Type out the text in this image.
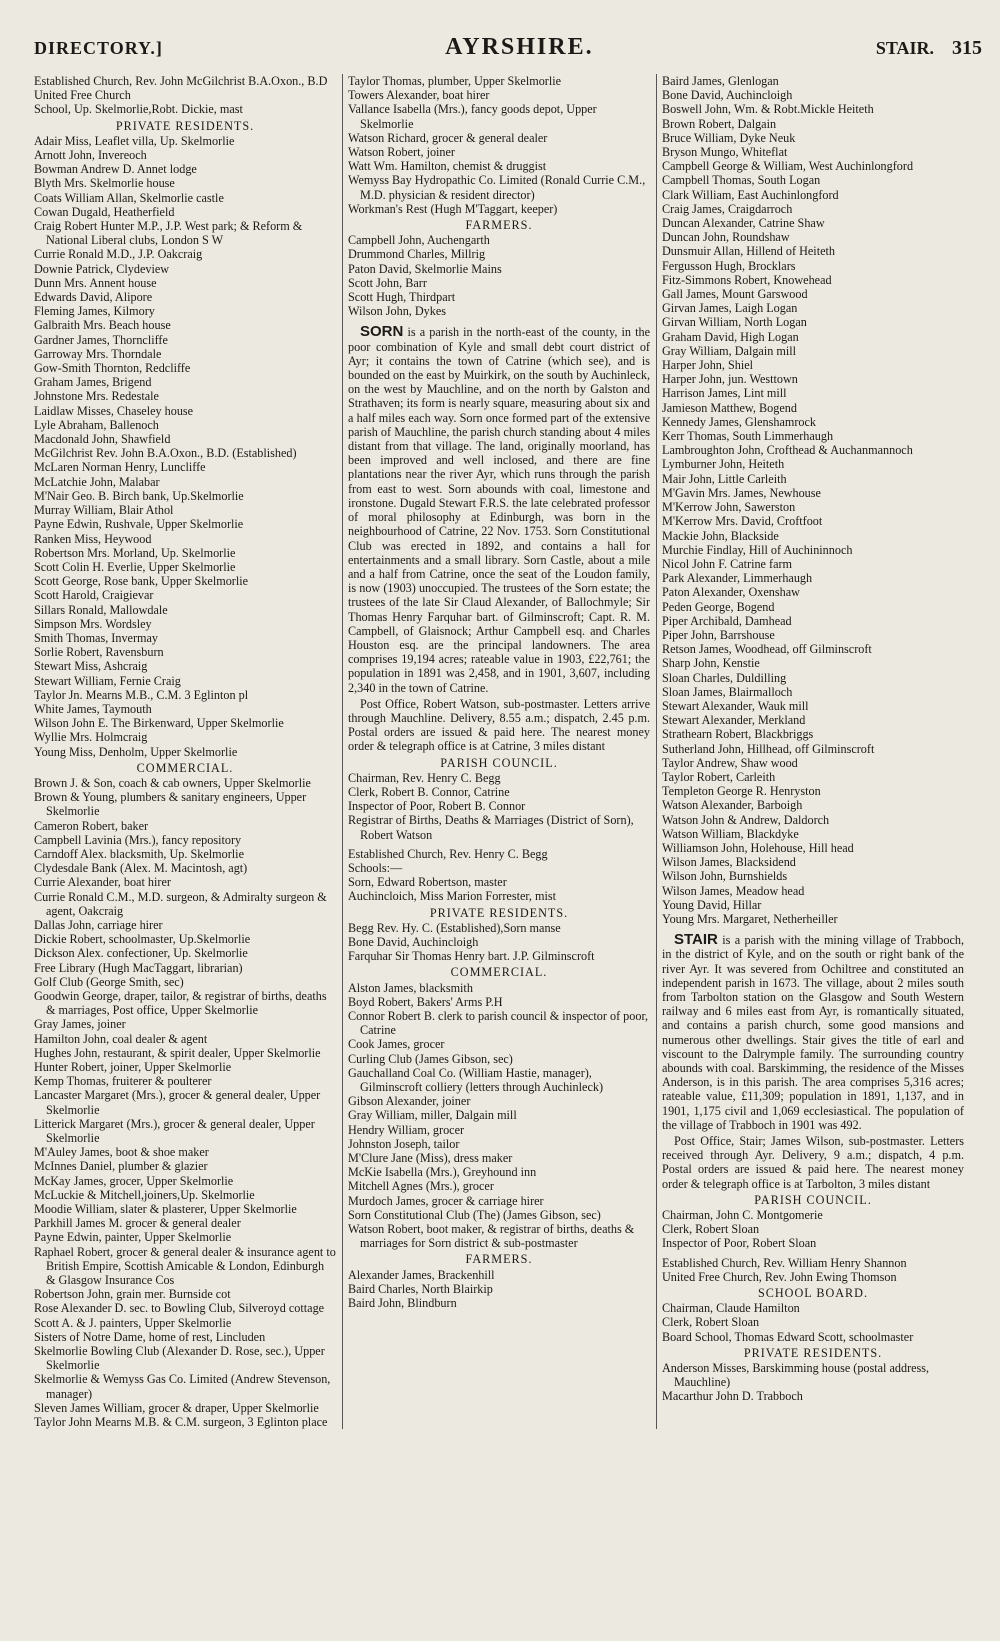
DIRECTORY.]	AYRSHIRE.	STAIR. 315
Established Church, Rev. John McGilchrist B.A.Oxon., B.D
United Free Church
School, Up. Skelmorlie,Robt. Dickie, mast
PRIVATE RESIDENTS.
Adair Miss, Leaflet villa, Up. Skelmorlie
Arnott John, Invereoch
Bowman Andrew D. Annet lodge
Blyth Mrs. Skelmorlie house
Coats William Allan, Skelmorlie castle
Cowan Dugald, Heatherfield
Craig Robert Hunter M.P., J.P. West park; & Reform & National Liberal clubs, London S W
Currie Ronald M.D., J.P. Oakcraig
Downie Patrick, Clydeview
Dunn Mrs. Annent house
Edwards David, Alipore
Fleming James, Kilmory
Galbraith Mrs. Beach house
Gardner James, Thorncliffe
Garroway Mrs. Thorndale
Gow-Smith Thornton, Redcliffe
Graham James, Brigend
Johnstone Mrs. Redestale
Laidlaw Misses, Chaseley house
Lyle Abraham, Ballenoch
Macdonald John, Shawfield
McGilchrist Rev. John B.A.Oxon., B.D. (Established)
McLaren Norman Henry, Luncliffe
McLatchie John, Malabar
M'Nair Geo. B. Birch bank, Up.Skelmorlie
Murray William, Blair Athol
Payne Edwin, Rushvale, Upper Skelmorlie
Ranken Miss, Heywood
Robertson Mrs. Morland, Up. Skelmorlie
Scott Colin H. Everlie, Upper Skelmorlie
Scott George, Rose bank, Upper Skelmorlie
Scott Harold, Craigievar
Sillars Ronald, Mallowdale
Simpson Mrs. Wordsley
Smith Thomas, Invermay
Sorlie Robert, Ravensburn
Stewart Miss, Ashcraig
Stewart William, Fernie Craig
Taylor Jn. Mearns M.B., C.M. 3 Eglinton pl
White James, Taymouth
Wilson John E. The Birkenward, Upper Skelmorlie
Wyllie Mrs. Holmcraig
Young Miss, Denholm, Upper Skelmorlie
COMMERCIAL.
Brown J. & Son, coach & cab owners, Upper Skelmorlie
Brown & Young, plumbers & sanitary engineers, Upper Skelmorlie
Cameron Robert, baker
Campbell Lavinia (Mrs.), fancy repository
Carndoff Alex. blacksmith, Up. Skelmorlie
Clydesdale Bank (Alex. M. Macintosh, agt)
Currie Alexander, boat hirer
Currie Ronald C.M., M.D. surgeon, & Admiralty surgeon & agent, Oakcraig
Dallas John, carriage hirer
Dickie Robert, schoolmaster, Up.Skelmorlie
Dickson Alex. confectioner, Up. Skelmorlie
Free Library (Hugh MacTaggart, librarian)
Golf Club (George Smith, sec)
Goodwin George, draper, tailor, & registrar of births, deaths & marriages, Post office, Upper Skelmorlie
Gray James, joiner
Hamilton John, coal dealer & agent
Hughes John, restaurant, & spirit dealer, Upper Skelmorlie
Hunter Robert, joiner, Upper Skelmorlie
Kemp Thomas, fruiterer & poulterer
Lancaster Margaret (Mrs.), grocer & general dealer, Upper Skelmorlie
Litterick Margaret (Mrs.), grocer & general dealer, Upper Skelmorlie
M'Auley James, boot & shoe maker
McInnes Daniel, plumber & glazier
McKay James, grocer, Upper Skelmorlie
McLuckie & Mitchell,joiners,Up. Skelmorlie
Moodie William, slater & plasterer, Upper Skelmorlie
Parkhill James M. grocer & general dealer
Payne Edwin, painter, Upper Skelmorlie
Raphael Robert, grocer & general dealer & insurance agent to British Empire, Scottish Amicable & London, Edinburgh & Glasgow Insurance Cos
Robertson John, grain mer. Burnside cot
Rose Alexander D. sec. to Bowling Club, Silveroyd cottage
Scott A. & J. painters, Upper Skelmorlie
Sisters of Notre Dame, home of rest, Lincluden
Skelmorlie Bowling Club (Alexander D. Rose, sec.), Upper Skelmorlie
Skelmorlie & Wemyss Gas Co. Limited (Andrew Stevenson, manager)
Sleven James William, grocer & draper, Upper Skelmorlie
Taylor John Mearns M.B. & C.M. surgeon, 3 Eglinton place
Taylor Thomas, plumber, Upper Skelmorlie
Towers Alexander, boat hirer
Vallance Isabella (Mrs.), fancy goods depot, Upper Skelmorlie
Watson Richard, grocer & general dealer
Watson Robert, joiner
Watt Wm. Hamilton, chemist & druggist
Wemyss Bay Hydropathic Co. Limited (Ronald Currie C.M., M.D. physician & resident director)
Workman's Rest (Hugh M'Taggart, keeper)
FARMERS.
Campbell John, Auchengarth
Drummond Charles, Millrig
Paton David, Skelmorlie Mains
Scott John, Barr
Scott Hugh, Thirdpart
Wilson John, Dykes
SORN is a parish in the north-east of the county, in the poor combination of Kyle and small debt court district of Ayr; it contains the town of Catrine (which see), and is bounded on the east by Muirkirk, on the south by Auchinleck, on the west by Mauchline, and on the north by Galston and Strathaven; its form is nearly square, measuring about six and a half miles each way. Sorn once formed part of the extensive parish of Mauchline, the parish church standing about 4 miles distant from that village. The land, originally moorland, has been improved and well inclosed, and there are fine plantations near the river Ayr, which runs through the parish from east to west. Sorn abounds with coal, limestone and ironstone. Dugald Stewart F.R.S. the late celebrated professor of moral philosophy at Edinburgh, was born in the neighbourhood of Catrine, 22 Nov. 1753. Sorn Constitutional Club was erected in 1892, and contains a hall for entertainments and a small library. Sorn Castle, about a mile and a half from Catrine, once the seat of the Loudon family, is now (1903) unoccupied. The trustees of the Sorn estate; the trustees of the late Sir Claud Alexander, of Ballochmyle; Sir Thomas Henry Farquhar bart. of Gilminscroft; Capt. R. M. Campbell, of Glaisnock; Arthur Campbell esq. and Charles Houston esq. are the principal landowners. The area comprises 19,194 acres; rateable value in 1903, £22,761; the population in 1891 was 2,458, and in 1901, 3,607, including 2,340 in the town of Catrine.
Post Office, Robert Watson, sub-postmaster. Letters arrive through Mauchline. Delivery, 8.55 a.m.; dispatch, 2.45 p.m. Postal orders are issued & paid here. The nearest money order & telegraph office is at Catrine, 3 miles distant
PARISH COUNCIL.
Chairman, Rev. Henry C. Begg
Clerk, Robert B. Connor, Catrine
Inspector of Poor, Robert B. Connor
Registrar of Births, Deaths & Marriages (District of Sorn), Robert Watson
Established Church, Rev. Henry C. Begg
Schools:—
Sorn, Edward Robertson, master
Auchincloich, Miss Marion Forrester, mist
PRIVATE RESIDENTS.
Begg Rev. Hy. C. (Established),Sorn manse
Bone David, Auchincloigh
Farquhar Sir Thomas Henry bart. J.P. Gilminscroft
COMMERCIAL.
Alston James, blacksmith
Boyd Robert, Bakers' Arms P.H
Connor Robert B. clerk to parish council & inspector of poor, Catrine
Cook James, grocer
Curling Club (James Gibson, sec)
Gauchalland Coal Co. (William Hastie, manager), Gilminscroft colliery (letters through Auchinleck)
Gibson Alexander, joiner
Gray William, miller, Dalgain mill
Hendry William, grocer
Johnston Joseph, tailor
M'Clure Jane (Miss), dress maker
McKie Isabella (Mrs.), Greyhound inn
Mitchell Agnes (Mrs.), grocer
Murdoch James, grocer & carriage hirer
Sorn Constitutional Club (The) (James Gibson, sec)
Watson Robert, boot maker, & registrar of births, deaths & marriages for Sorn district & sub-postmaster
FARMERS.
Alexander James, Brackenhill
Baird Charles, North Blairkip
Baird John, Blindburn
Baird James, Glenlogan
Bone David, Auchincloigh
Boswell John, Wm. & Robt.Mickle Heiteth
Brown Robert, Dalgain
Bruce William, Dyke Neuk
Bryson Mungo, Whiteflat
Campbell George & William, West Auchinlongford
Campbell Thomas, South Logan
Clark William, East Auchinlongford
Craig James, Craigdarroch
Duncan Alexander, Catrine Shaw
Duncan John, Roundshaw
Dunsmuir Allan, Hillend of Heiteth
Fergusson Hugh, Brocklars
Fitz-Simmons Robert, Knowehead
Gall James, Mount Garswood
Girvan James, Laigh Logan
Girvan William, North Logan
Graham David, High Logan
Gray William, Dalgain mill
Harper John, Shiel
Harper John, jun. Westtown
Harrison James, Lint mill
Jamieson Matthew, Bogend
Kennedy James, Glenshamrock
Kerr Thomas, South Limmerhaugh
Lambroughton John, Crofthead & Auchanmannoch
Lymburner John, Heiteth
Mair John, Little Carleith
M'Gavin Mrs. James, Newhouse
M'Kerrow John, Sawerston
M'Kerrow Mrs. David, Croftfoot
Mackie John, Blackside
Murchie Findlay, Hill of Auchininnoch
Nicol John F. Catrine farm
Park Alexander, Limmerhaugh
Paton Alexander, Oxenshaw
Peden George, Bogend
Piper Archibald, Damhead
Piper John, Barrshouse
Retson James, Woodhead, off Gilminscroft
Sharp John, Kenstie
Sloan Charles, Duldilling
Sloan James, Blairmalloch
Stewart Alexander, Wauk mill
Stewart Alexander, Merkland
Strathearn Robert, Blackbriggs
Sutherland John, Hillhead, off Gilminscroft
Taylor Andrew, Shaw wood
Taylor Robert, Carleith
Templeton George R. Henryston
Watson Alexander, Barboigh
Watson John & Andrew, Daldorch
Watson William, Blackdyke
Williamson John, Holehouse, Hill head
Wilson James, Blacksidend
Wilson John, Burnshields
Wilson James, Meadow head
Young David, Hillar
Young Mrs. Margaret, Netherheiller
STAIR is a parish with the mining village of Trabboch, in the district of Kyle, and on the south or right bank of the river Ayr. It was severed from Ochiltree and constituted an independent parish in 1673. The village, about 2 miles south from Tarbolton station on the Glasgow and South Western railway and 6 miles east from Ayr, is romantically situated, and contains a parish church, some good mansions and numerous other dwellings. Stair gives the title of earl and viscount to the Dalrymple family. The surrounding country abounds with coal. Barskimming, the residence of the Misses Anderson, is in this parish. The area comprises 5,316 acres; rateable value, £11,309; population in 1891, 1,137, and in 1901, 1,175 civil and 1,069 ecclesiastical. The population of the village of Trabboch in 1901 was 492.
Post Office, Stair; James Wilson, sub-postmaster. Letters received through Ayr. Delivery, 9 a.m.; dispatch, 4 p.m. Postal orders are issued & paid here. The nearest money order & telegraph office is at Tarbolton, 3 miles distant
PARISH COUNCIL.
Chairman, John C. Montgomerie
Clerk, Robert Sloan
Inspector of Poor, Robert Sloan
Established Church, Rev. William Henry Shannon
United Free Church, Rev. John Ewing Thomson
SCHOOL BOARD.
Chairman, Claude Hamilton
Clerk, Robert Sloan
Board School, Thomas Edward Scott, schoolmaster
PRIVATE RESIDENTS.
Anderson Misses, Barskimming house (postal address, Mauchline)
Macarthur John D. Trabboch
